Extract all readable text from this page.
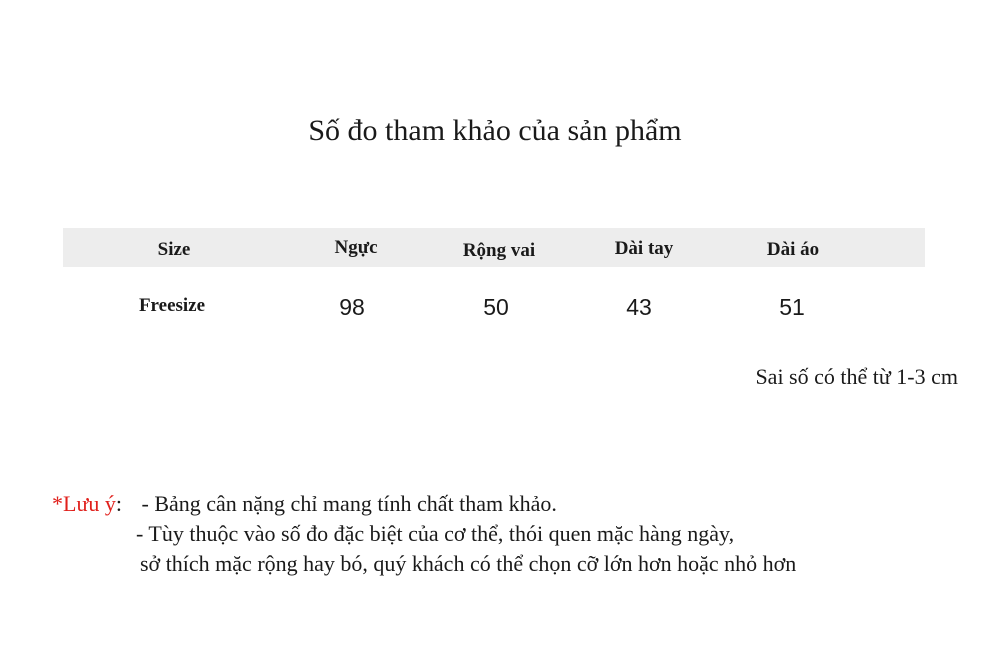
Số đo tham khảo của sản phẩm
Size	Ngực	Rộng vai	Dài tay	Dài áo
Freesize	98	50	43	51
Sai số có thể từ 1-3 cm
*Lưu ý: - Bảng cân nặng chỉ mang tính chất tham khảo.
- Tùy thuộc vào số đo đặc biệt của cơ thể, thói quen mặc hàng ngày,
sở thích mặc rộng hay bó, quý khách có thể chọn cỡ lớn hơn hoặc nhỏ hơn
